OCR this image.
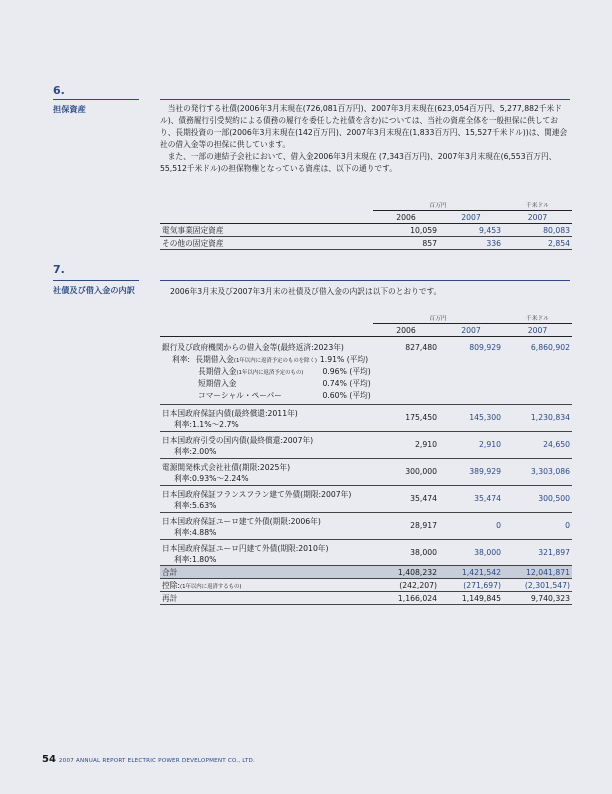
6.
担保資産	当社の発行する社債(2006年3月末現在(726,081百万円)、2007年3月末現在(623,054百万円、5,277,882千米ドル)、債務履行引受契約による債務の履行を委任した社債を含む)については、当社の資産全体を一般担保に供しており、長期投資の一部(2006年3月末現在(142百万円)、2007年3月末現在(1,833百万円、15,527千米ドル))は、関連会社の借入金等の担保に供しています。

また、一部の連結子会社において、借入金2006年3月末現在 (7,343百万円)、2007年3月末現在(6,553百万円、55,512千米ドル)の担保物権となっている資産は、以下の通りです。

	百万円		千米ドル
	2006	2007	2007
電気事業固定資産	10,059	9,453	80,083
その他の固定資産	857	336	2,854
7.
社債及び借入金の内訳	2006年3月末及び2007年3月末の社債及び借入金の内訳は以下のとおりです。
	百万円		千米ドル
	2006	2007	2007
銀行及び政府機関からの借入金等(最終返済:2023年)	827,480	809,929	6,860,902
利率: 長期借入金(1年以内に返済予定のものを除く) 1.91% (平均)			
長期借入金(1年以内に返済予定のもの) 0.96% (平均)			
短期借入金 0.74% (平均)			
コマーシャル・ペーパー 0.60% (平均)			

日本国政府保証内債(最終償還:2011年)
利率:1.1%〜2.7%	175,450	145,300	1,230,834

日本国政府引受の国内債(最終償還:2007年)
利率:2.00%	2,910	2,910	24,650

電源開発株式会社社債(期限:2025年)
利率:0.93%〜2.24%	300,000	389,929	3,303,086

日本国政府保証フランスフラン建て外債(期限:2007年)
利率:5.63%	35,474	35,474	300,500

日本国政府保証ユーロ建て外債(期限:2006年)
利率:4.88%	28,917	0	0

日本国政府保証ユーロ円建て外債(期限:2010年)
利率:1.80%	38,000	38,000	321,897
合計	1,408,232	1,421,542	12,041,871
控除:(1年以内に返済するもの)	(242,207)	(271,697)	(2,301,547)
再計	1,166,024	1,149,845	9,740,323
54 2007 ANNUAL REPORT ELECTRIC POWER DEVELOPMENT CO., LTD.
